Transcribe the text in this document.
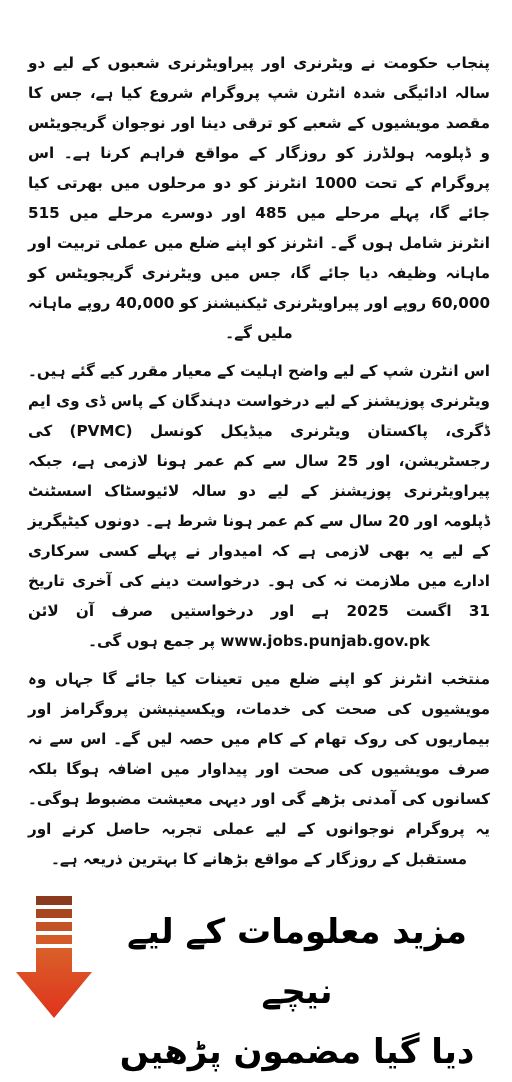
پنجاب حکومت نے ویٹرنری اور پیراویٹرنری شعبوں کے لیے دو سالہ ادائیگی شدہ انٹرن شپ پروگرام شروع کیا ہے، جس کا مقصد مویشیوں کے شعبے کو ترقی دینا اور نوجوان گریجویٹس و ڈپلومہ ہولڈرز کو روزگار کے مواقع فراہم کرنا ہے۔ اس پروگرام کے تحت 1000 انٹرنز کو دو مرحلوں میں بھرتی کیا جائے گا، پہلے مرحلے میں 485 اور دوسرے مرحلے میں 515 انٹرنز شامل ہوں گے۔ انٹرنز کو اپنے ضلع میں عملی تربیت اور ماہانہ وظیفہ دیا جائے گا، جس میں ویٹرنری گریجویٹس کو 60,000 روپے اور پیراویٹرنری ٹیکنیشنز کو 40,000 روپے ماہانہ ملیں گے۔

اس انٹرن شپ کے لیے واضح اہلیت کے معیار مقرر کیے گئے ہیں۔ ویٹرنری پوزیشنز کے لیے درخواست دہندگان کے پاس ڈی وی ایم ڈگری، پاکستان ویٹرنری میڈیکل کونسل (PVMC) کی رجسٹریشن، اور 25 سال سے کم عمر ہونا لازمی ہے، جبکہ پیراویٹرنری پوزیشنز کے لیے دو سالہ لائیوسٹاک اسسٹنٹ ڈپلومہ اور 20 سال سے کم عمر ہونا شرط ہے۔ دونوں کیٹیگریز کے لیے یہ بھی لازمی ہے کہ امیدوار نے پہلے کسی سرکاری ادارے میں ملازمت نہ کی ہو۔ درخواست دینے کی آخری تاریخ 31 اگست 2025 ہے اور درخواستیں صرف آن لائن www.jobs.punjab.gov.pk پر جمع ہوں گی۔

منتخب انٹرنز کو اپنے ضلع میں تعینات کیا جائے گا جہاں وہ مویشیوں کی صحت کی خدمات، ویکسینیشن پروگرامز اور بیماریوں کی روک تھام کے کام میں حصہ لیں گے۔ اس سے نہ صرف مویشیوں کی صحت اور پیداوار میں اضافہ ہوگا بلکہ کسانوں کی آمدنی بڑھے گی اور دیہی معیشت مضبوط ہوگی۔ یہ پروگرام نوجوانوں کے لیے عملی تجربہ حاصل کرنے اور مستقبل کے روزگار کے مواقع بڑھانے کا بہترین ذریعہ ہے۔

مزید معلومات کے لیے نیچے
دیا گیا مضمون پڑھیں
